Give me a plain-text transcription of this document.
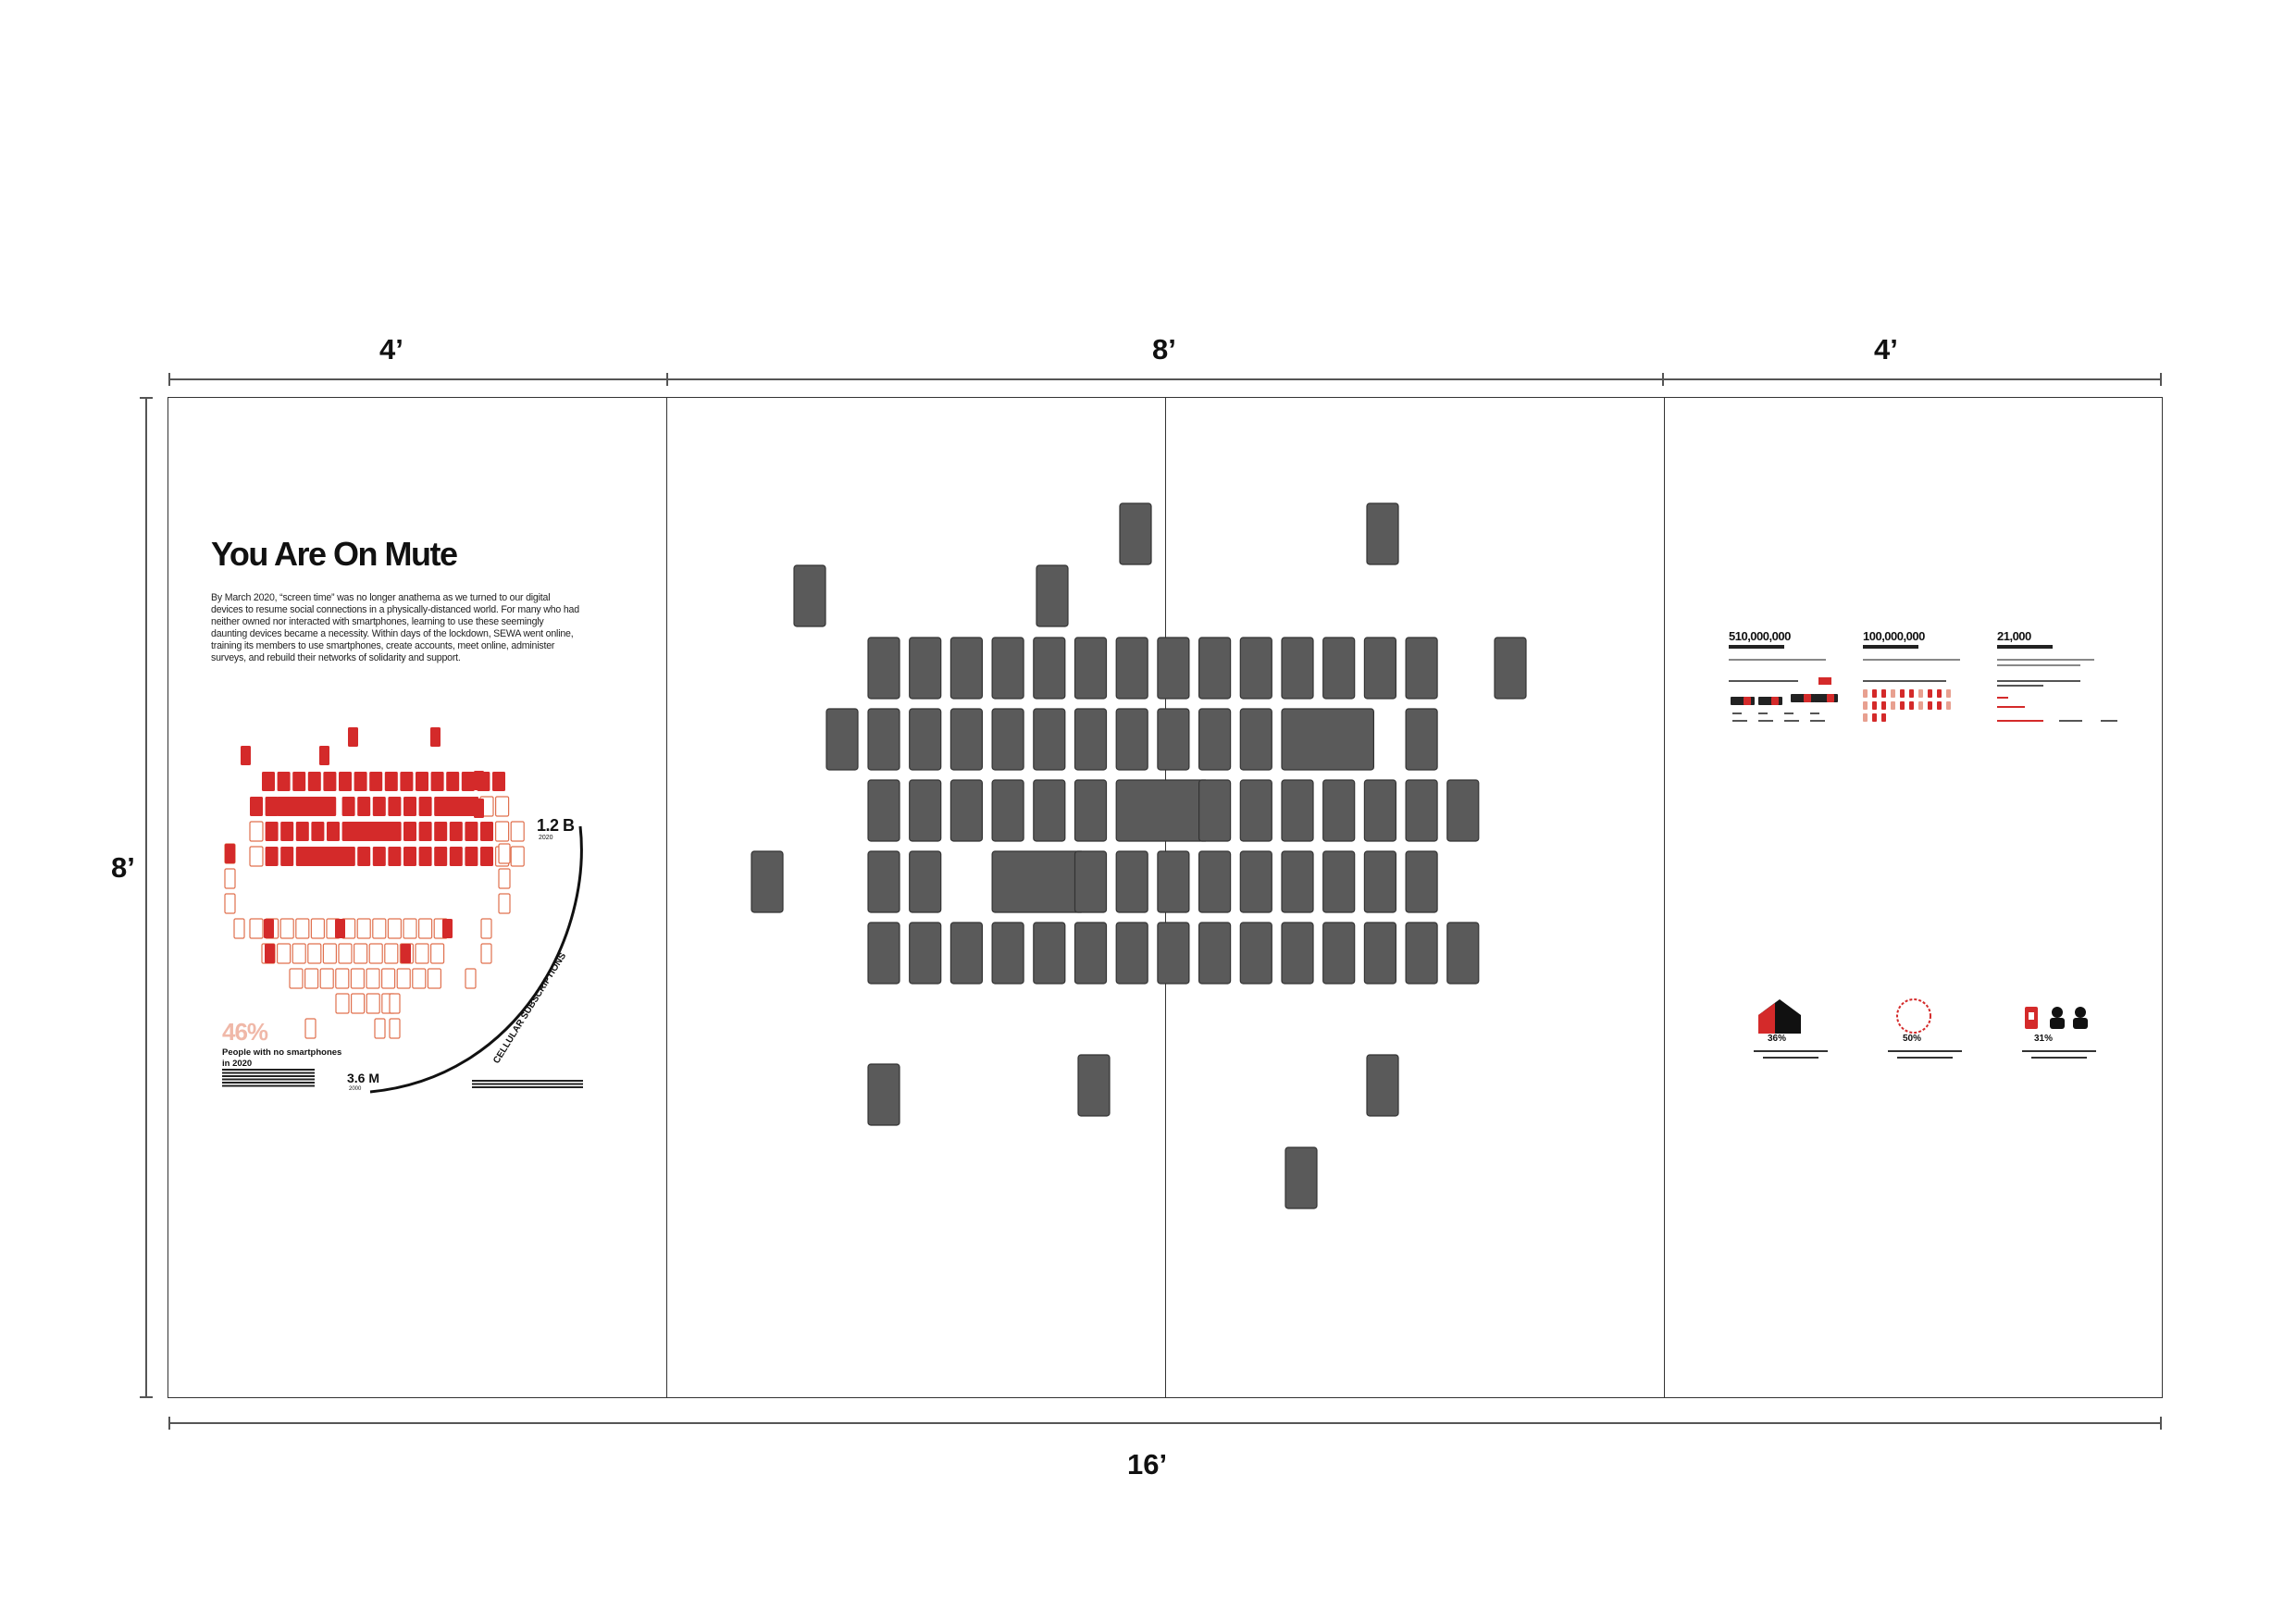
4’	8’	4’
8’
16’
You Are On Mute
By March 2020, “screen time” was no longer anathema as we turned to our digital devices to resume social connections in a physically-distanced world. For many who had neither owned nor interacted with smartphones, learning to use these seemingly daunting devices became a necessity. Within days of the lockdown, SEWA went online, training its members to use smartphones, create accounts, meet online, administer surveys, and rebuild their networks of solidarity and support.
1.2 B
2020
3.6 M
2000
CELLULAR SUBSCRIPTIONS
46%
People with no smartphones in 2020
510,000,000	100,000,000	21,000
36%	50%	31%
